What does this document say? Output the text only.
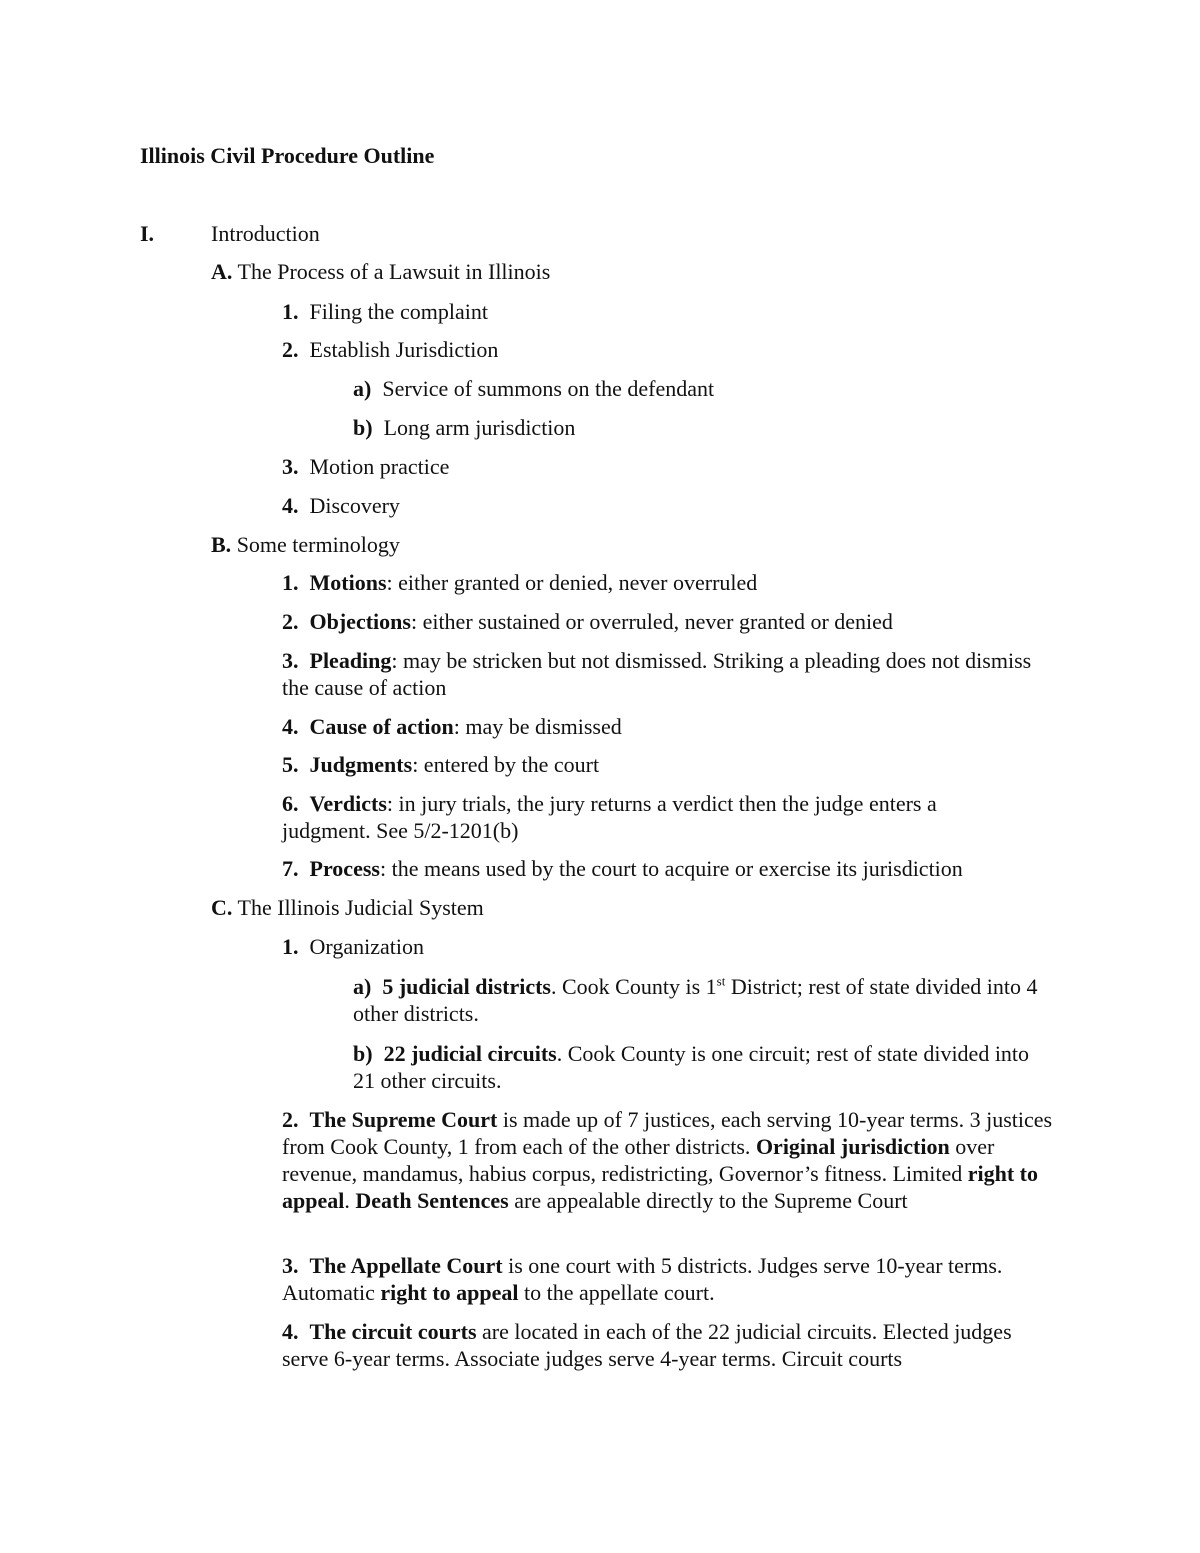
Illinois Civil Procedure Outline
I.	Introduction
A. The Process of a Lawsuit in Illinois
1. Filing the complaint
2. Establish Jurisdiction
a) Service of summons on the defendant
b) Long arm jurisdiction
3. Motion practice
4. Discovery
B. Some terminology
1. Motions: either granted or denied, never overruled
2. Objections: either sustained or overruled, never granted or denied
3. Pleading: may be stricken but not dismissed. Striking a pleading does not dismiss the cause of action
4. Cause of action: may be dismissed
5. Judgments: entered by the court
6. Verdicts: in jury trials, the jury returns a verdict then the judge enters a judgment. See 5/2-1201(b)
7. Process: the means used by the court to acquire or exercise its jurisdiction
C. The Illinois Judicial System
1. Organization
a) 5 judicial districts. Cook County is 1st District; rest of state divided into 4 other districts.
b) 22 judicial circuits. Cook County is one circuit; rest of state divided into 21 other circuits.
2. The Supreme Court is made up of 7 justices, each serving 10-year terms. 3 justices from Cook County, 1 from each of the other districts. Original jurisdiction over revenue, mandamus, habius corpus, redistricting, Governor’s fitness. Limited right to appeal. Death Sentences are appealable directly to the Supreme Court
3. The Appellate Court is one court with 5 districts. Judges serve 10-year terms. Automatic right to appeal to the appellate court.
4. The circuit courts are located in each of the 22 judicial circuits. Elected judges serve 6-year terms. Associate judges serve 4-year terms. Circuit courts
